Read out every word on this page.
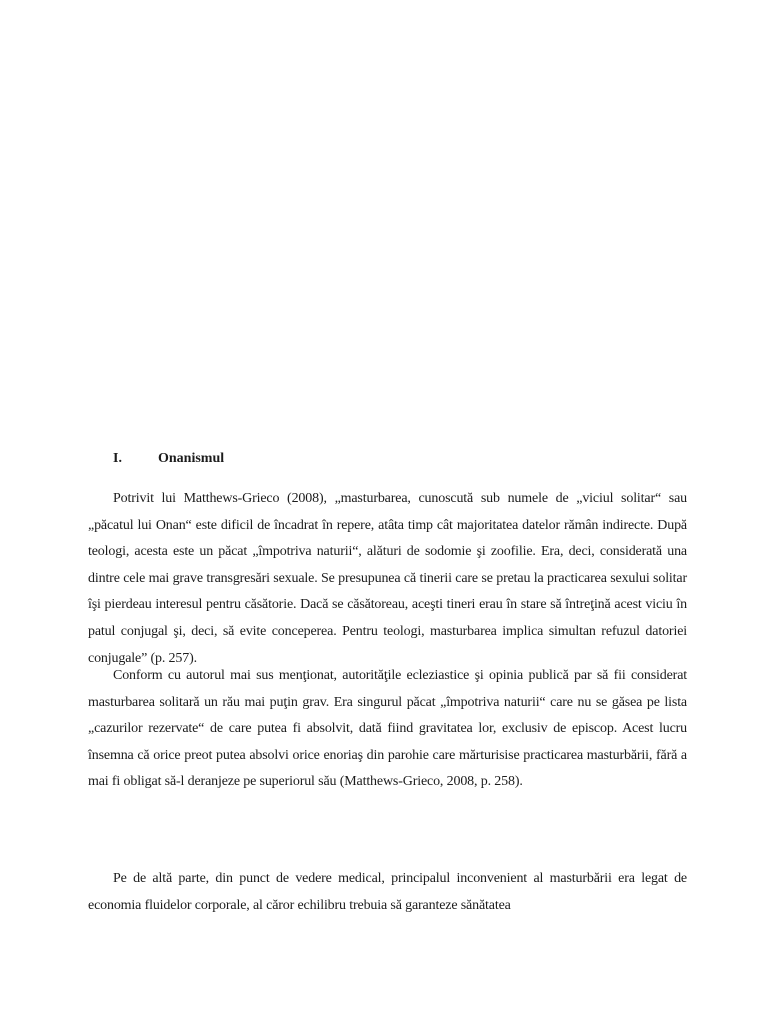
I.	Onanismul
Potrivit lui Matthews-Grieco (2008), „masturbarea, cunoscută sub numele de „viciul solitar“ sau „păcatul lui Onan“ este dificil de încadrat în repere, atâta timp cât majoritatea datelor rămân indirecte. După teologi, acesta este un păcat „împotriva naturii“, alături de sodomie şi zoofilie. Era, deci, considerată una dintre cele mai grave transgresări sexuale. Se presupunea că tinerii care se pretau la practicarea sexului solitar îşi pierdeau interesul pentru căsătorie. Dacă se căsătoreau, aceşti tineri erau în stare să întreţină acest viciu în patul conjugal şi, deci, să evite conceperea. Pentru teologi, masturbarea implica simultan refuzul datoriei conjugale” (p. 257).
Conform cu autorul mai sus menţionat, autorităţile ecleziastice şi opinia publică par să fii considerat masturbarea solitară un rău mai puţin grav. Era singurul păcat „împotriva naturii“ care nu se găsea pe lista „cazurilor rezervate“ de care putea fi absolvit, dată fiind gravitatea lor, exclusiv de episcop. Acest lucru însemna că orice preot putea absolvi orice enoriaş din parohie care mărturisise practicarea masturbării, fără a mai fi obligat să-l deranjeze pe superiorul său (Matthews-Grieco, 2008, p. 258).
Pe de altă parte, din punct de vedere medical, principalul inconvenient al masturbării era legat de economia fluidelor corporale, al căror echilibru trebuia să garanteze sănătatea
